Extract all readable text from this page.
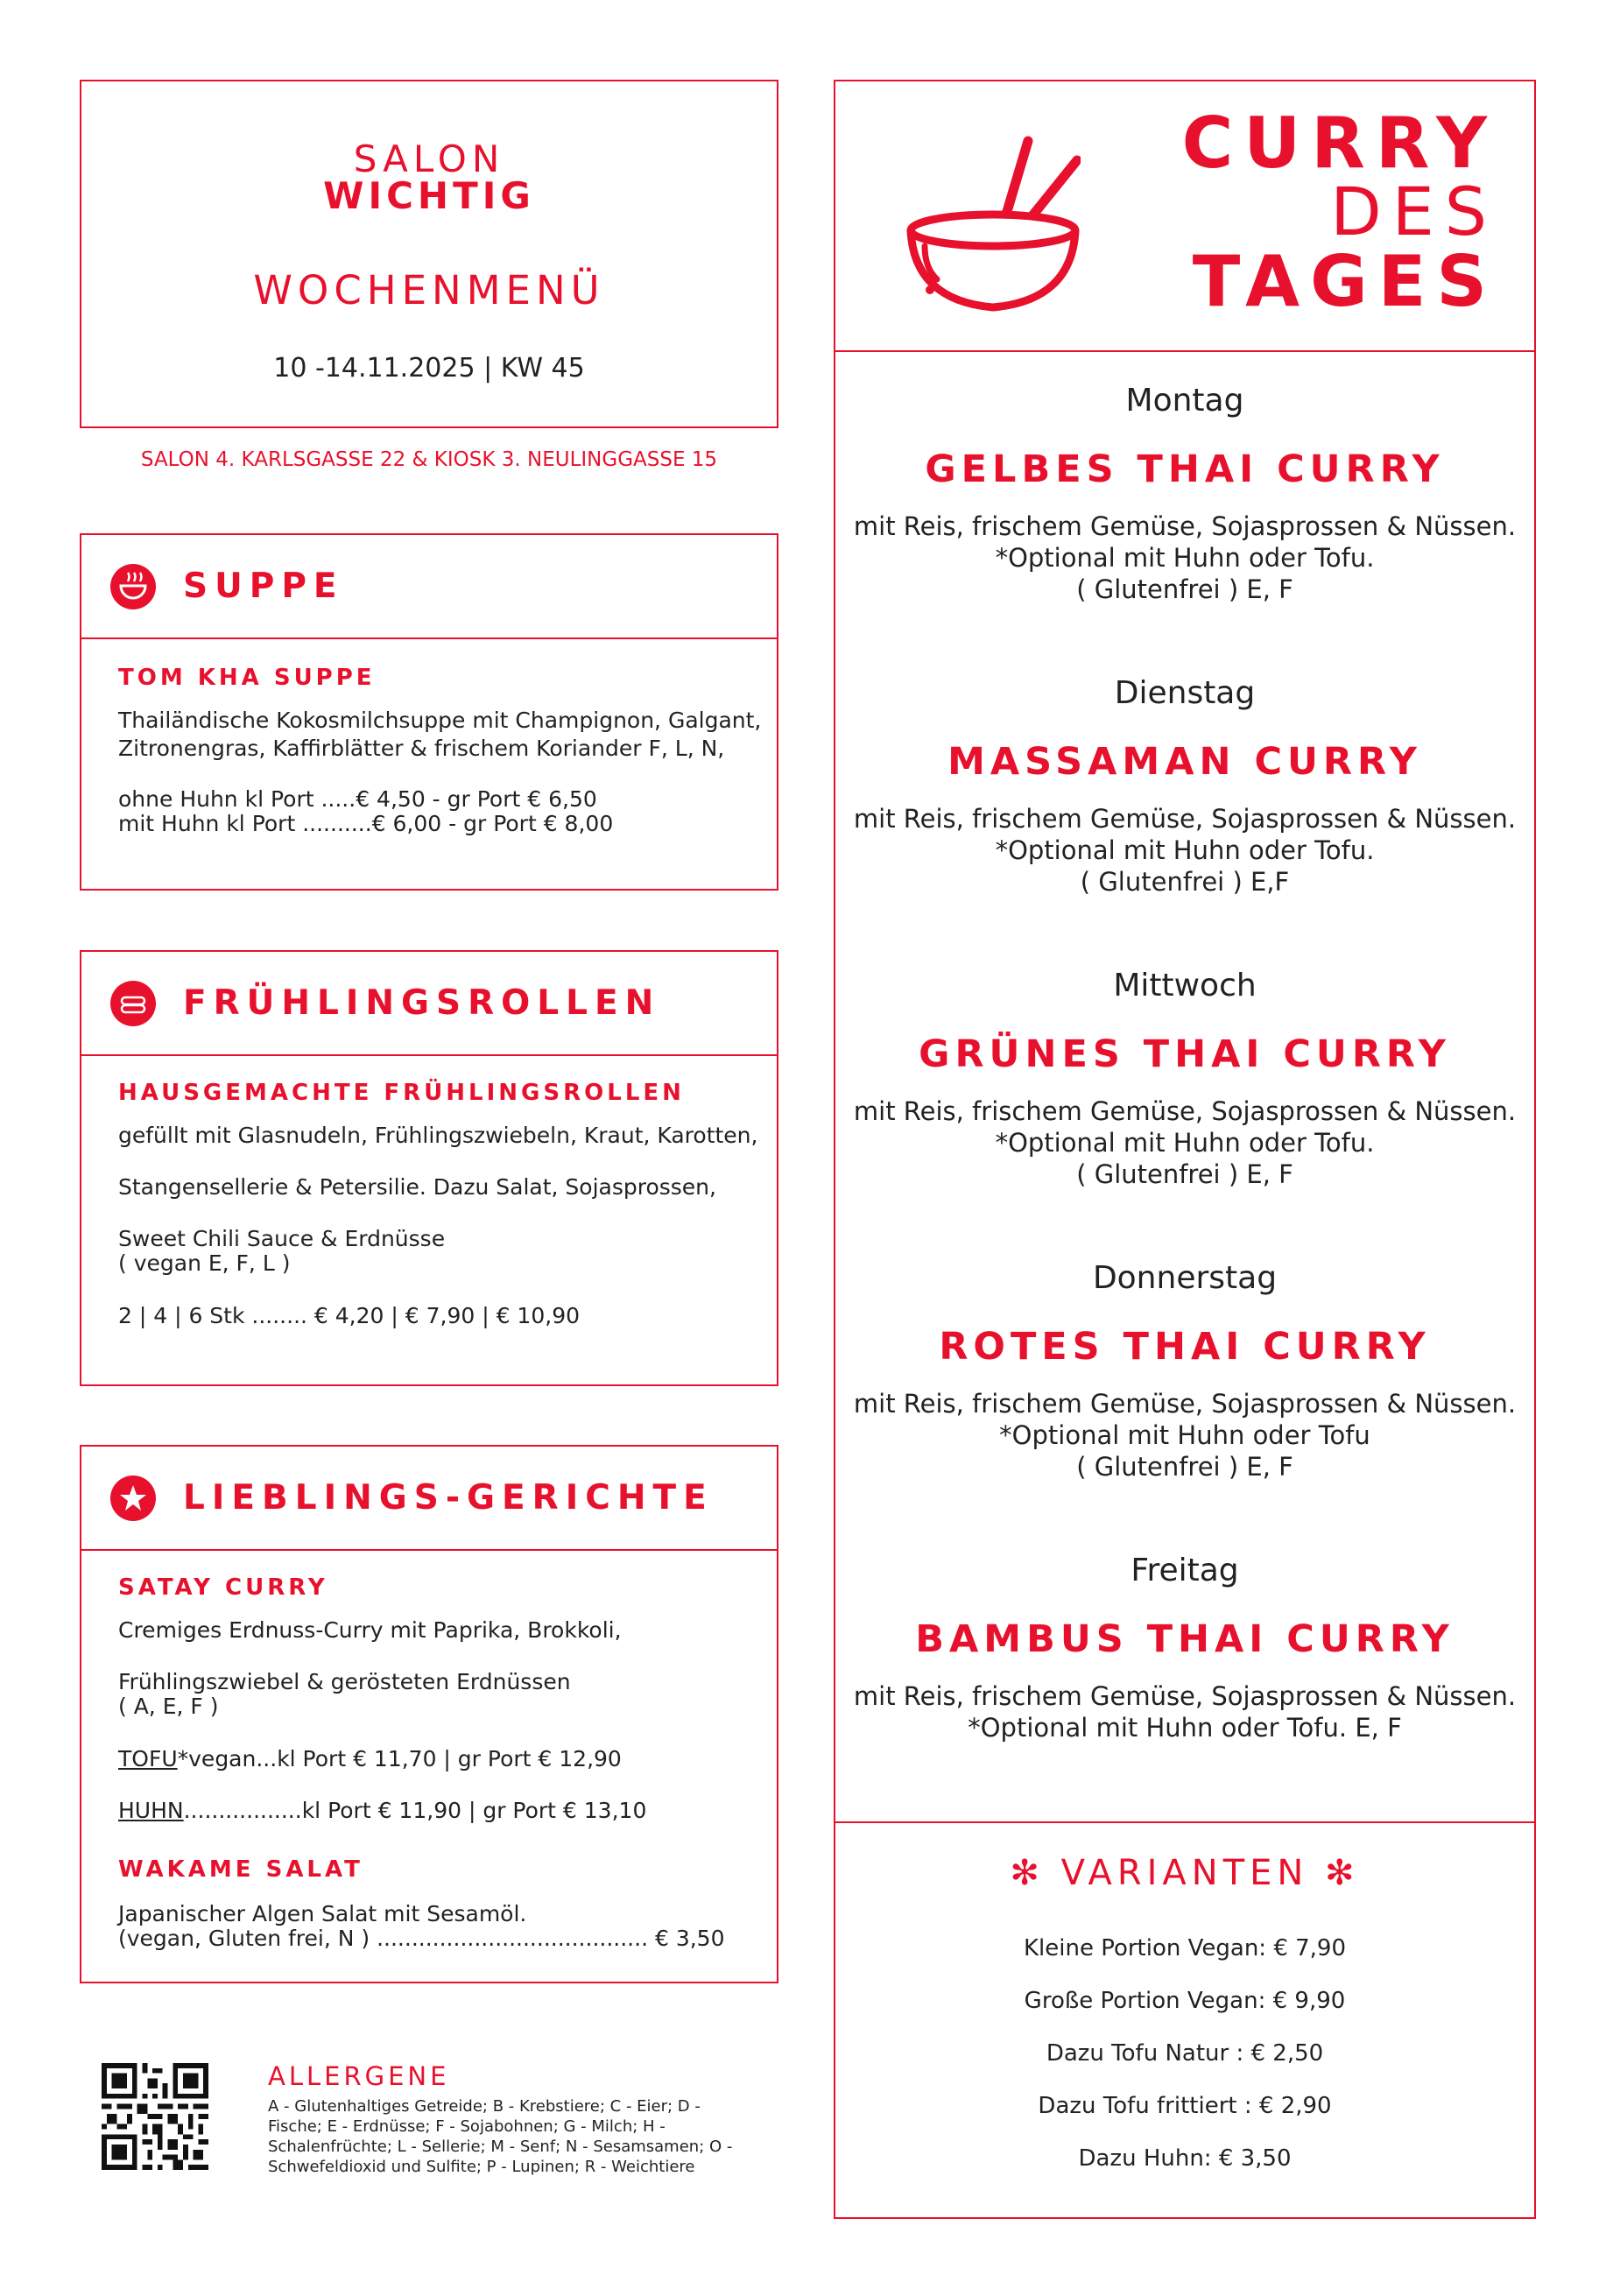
SALON
WICHTIG
WOCHENMENÜ
10 -14.11.2025 | KW 45
SALON 4. KARLSGASSE 22 & KIOSK 3. NEULINGGASSE 15
SUPPE
TOM KHA SUPPE
Thailändische Kokosmilchsuppe mit Champignon, Galgant,
Zitronengras, Kaffirblätter & frischem Koriander F, L, N,
ohne Huhn kl Port .....€ 4,50 - gr Port € 6,50
mit Huhn kl Port ..........€ 6,00 - gr Port € 8,00
FRÜHLINGSROLLEN
HAUSGEMACHTE FRÜHLINGSROLLEN
gefüllt mit Glasnudeln, Frühlingszwiebeln, Kraut, Karotten,
Stangensellerie & Petersilie. Dazu Salat, Sojasprossen,
Sweet Chili Sauce & Erdnüsse
( vegan E, F, L )
2 | 4 | 6 Stk ........ € 4,20 | € 7,90 | € 10,90
LIEBLINGS-GERICHTE
SATAY CURRY
Cremiges Erdnuss-Curry mit Paprika, Brokkoli,
Frühlingszwiebel & gerösteten Erdnüssen
( A, E, F )
TOFU*vegan...kl Port € 11,70 | gr Port € 12,90
HUHN.................kl Port € 11,90 | gr Port € 13,10
WAKAME SALAT
Japanischer Algen Salat mit Sesamöl.
(vegan, Gluten frei, N ) ....................................... € 3,50
ALLERGENE
A - Glutenhaltiges Getreide; B - Krebstiere; C - Eier; D -
Fische; E - Erdnüsse; F - Sojabohnen; G - Milch; H -
Schalenfrüchte; L - Sellerie; M - Senf; N - Sesamsamen; O -
Schwefeldioxid und Sulfite; P - Lupinen; R - Weichtiere
CURRY
DES
TAGES
Montag
GELBES THAI CURRY
mit Reis, frischem Gemüse, Sojasprossen & Nüssen.
*Optional mit Huhn oder Tofu.
( Glutenfrei ) E, F
Dienstag
MASSAMAN CURRY
mit Reis, frischem Gemüse, Sojasprossen & Nüssen.
*Optional mit Huhn oder Tofu.
( Glutenfrei ) E,F
Mittwoch
GRÜNES THAI CURRY
mit Reis, frischem Gemüse, Sojasprossen & Nüssen.
*Optional mit Huhn oder Tofu.
( Glutenfrei ) E, F
Donnerstag
ROTES THAI CURRY
mit Reis, frischem Gemüse, Sojasprossen & Nüssen.
*Optional mit Huhn oder Tofu
( Glutenfrei ) E, F
Freitag
BAMBUS THAI CURRY
mit Reis, frischem Gemüse, Sojasprossen & Nüssen.
*Optional mit Huhn oder Tofu. E, F
✻ VARIANTEN ✻
Kleine Portion Vegan: € 7,90
Große Portion Vegan: € 9,90
Dazu Tofu Natur : € 2,50
Dazu Tofu frittiert : € 2,90
Dazu Huhn: € 3,50
